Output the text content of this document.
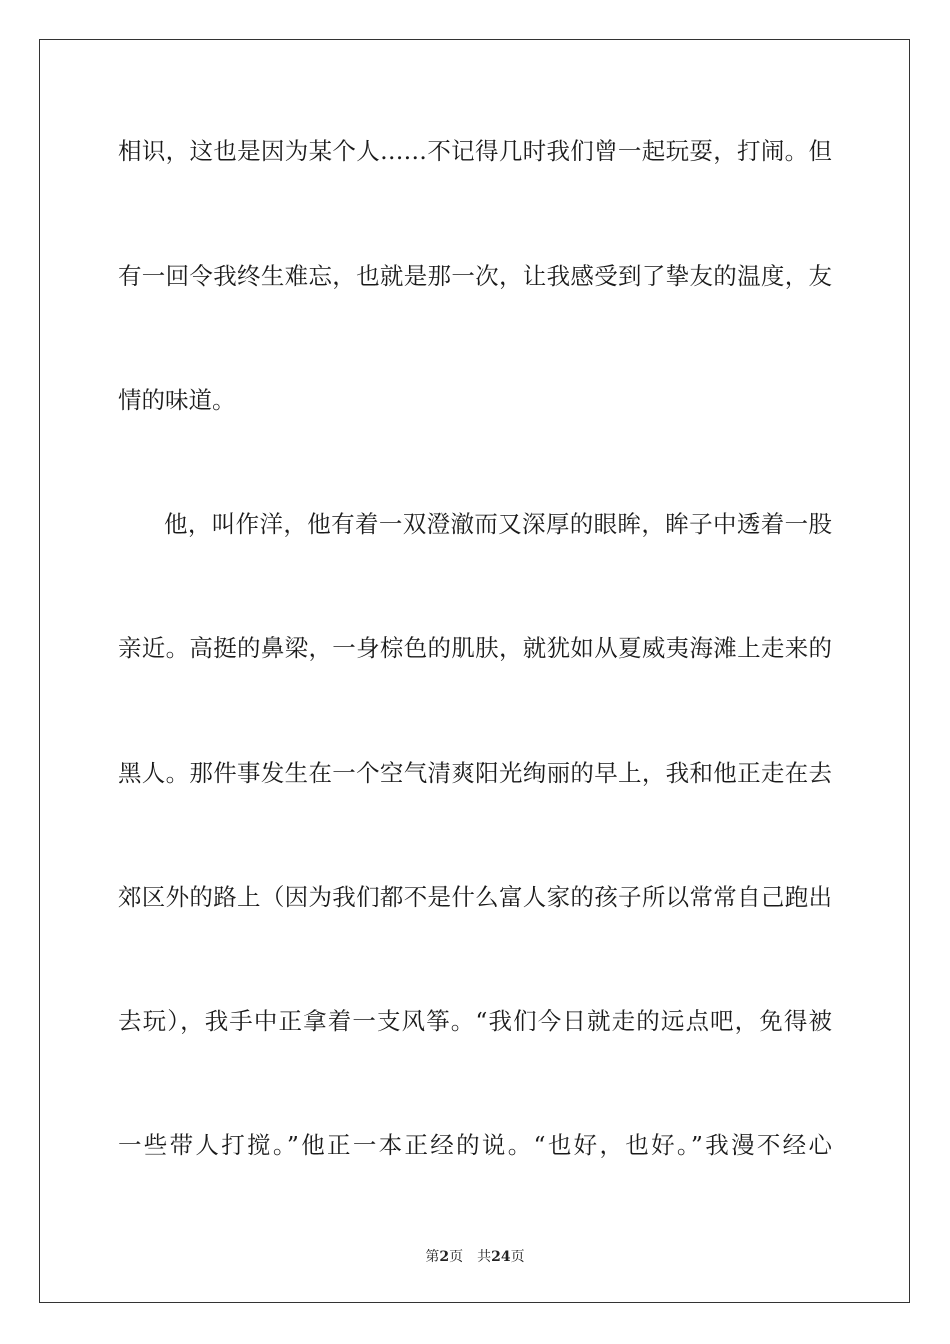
相识，这也是因为某个人……不记得几时我们曾一起玩耍，打闹。但
有一回令我终生难忘，也就是那一次，让我感受到了挚友的温度，友
情的味道。
他，叫作洋，他有着一双澄澈而又深厚的眼眸，眸子中透着一股
亲近。高挺的鼻梁，一身棕色的肌肤，就犹如从夏威夷海滩上走来的
黑人。那件事发生在一个空气清爽阳光绚丽的早上，我和他正走在去
郊区外的路上（因为我们都不是什么富人家的孩子所以常常自己跑出
去玩），我手中正拿着一支风筝。“我们今日就走的远点吧，免得被
一些带人打搅。”他正一本正经的说。“也好，也好。”我漫不经心
第2页 共24页
